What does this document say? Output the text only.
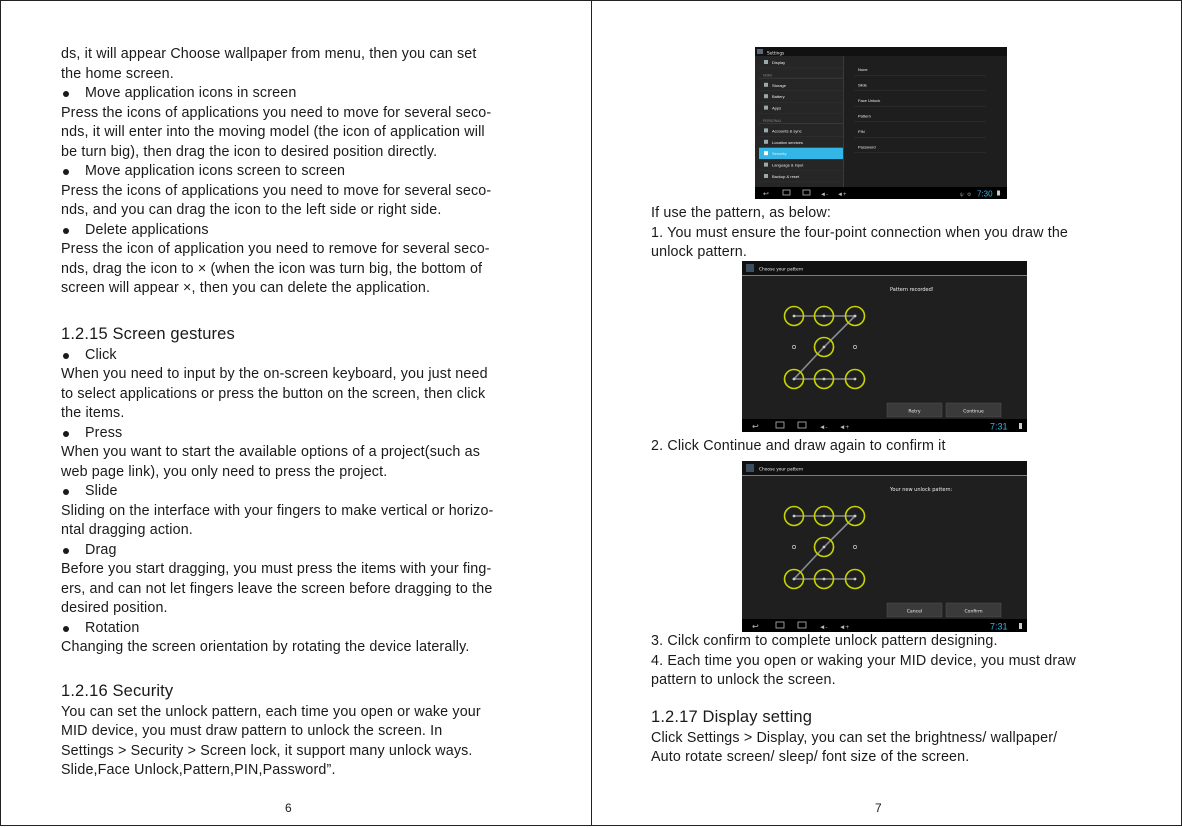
ds, it will appear Choose wallpaper from menu, then you can set
the home screen.
Move application icons in screen
Press the icons of applications you need to move for several seco-
nds, it will enter into the moving model (the icon of application will
be turn big), then drag the icon to desired position directly.
Move application icons screen to screen
Press the icons of applications you need to move for several seco-
nds, and you can drag the icon to the left side or right side.
Delete applications
Press the icon of application you need to remove for several seco-
nds, drag the icon to × (when the icon was turn big, the bottom of
screen will appear ×, then you can delete the application.
1.2.15 Screen gestures
Click
When you need to input by the on-screen keyboard, you just need
to select applications or press the button on the screen, then click
the items.
Press
When you want to start the available options of a project(such as
web page link), you only need to press the project.
Slide
Sliding on the interface with your fingers to make vertical or horizo-
ntal dragging action.
Drag
Before you start dragging, you must press the items with your fing-
ers, and can not let fingers leave the screen before dragging to the
desired position.
Rotation
Changing the screen orientation by rotating the device laterally.
1.2.16 Security
You can set the unlock pattern, each time you open or wake your
MID device, you must draw pattern to unlock the screen. In
Settings > Security > Screen lock, it support many unlock ways.
Slide,Face Unlock,Pattern,PIN,Password”.
6
Settings
Display
HDMI
Storage
Battery
Apps
PERSONAL
Accounts & sync
Location services
Security
Language & input
Backup & reset
None
Slide
Face Unlock
Pattern
PIN
Password
↩	◄- ◄+	ψ ⚙ 7:30
If use the pattern, as below:
1. You must ensure the four-point connection when you draw the
unlock pattern.
Choose your pattern
Pattern recorded!
Retry	Continue
↩	◄- ◄+	7:31
2. Click Continue and draw again to confirm it
Choose your pattern
Your new unlock pattern:
Cancel	Confirm
↩	◄- ◄+	7:31
3. Cilck confirm to complete unlock pattern designing.
4. Each time you open or waking your MID device, you must draw
pattern to unlock the screen.
1.2.17 Display setting
Click Settings > Display, you can set the brightness/ wallpaper/
Auto rotate screen/ sleep/ font size of the screen.
7
